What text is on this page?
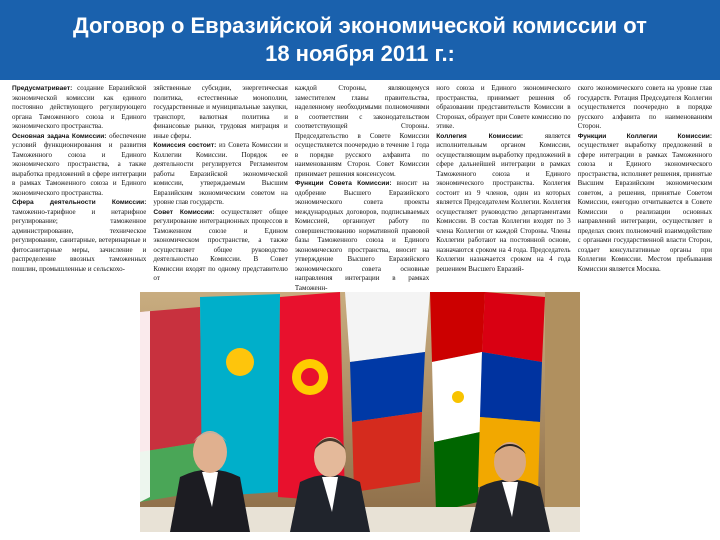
Договор о Евразийской экономической комиссии от
18 ноября 2011 г.:

Предусматривает: создание Евразийской экономической комиссии как единого постоянно действующего регулирующего органа Таможенного союза и Единого экономического пространства.

Основная задача Комиссии: обеспечение условий функционирования и развития Таможенного союза и Единого экономического пространства, а также выработка предложений в сфере интеграции в рамках Таможенного союза и Единого экономического пространства.

Сфера деятельности Комиссии: таможенно-тарифное и нетарифное регулирование; таможенное администрирование, техническое регулирование, санитарные, ветеринарные и фитосанитарные меры, зачисление и распределение ввозных таможенных пошлин, промышленные и сельскохо-

зяйственные субсидии, энергетическая политика, естественные монополии, государственные и муниципальные закупки, транспорт, валютная политика и финансовые рынки, трудовая миграция и иные сферы.

Комиссия состоит: из Совета Комиссии и Коллегии Комиссии. Порядок ее деятельности регулируется Регламентом работы Евразийской экономической комиссии, утверждаемым Высшим Евразийским экономическим советом на уровне глав государств.

Совет Комиссии: осуществляет общее регулирование интеграционных процессов в Таможенном союзе и Едином экономическом пространстве, а также осуществляет общее руководство деятельностью Комиссии. В Совет Комиссии входят по одному представителю от

каждой Стороны, являющемуся заместителем главы правительства, наделенному необходимыми полномочиями в соответствии с законодательством соответствующей Стороны. Председательство в Совете Комиссии осуществляется поочередно в течение 1 года в порядке русского алфавита по наименованиям Сторон. Совет Комиссии принимает решения консенсусом.

Функции Совета Комиссии: вносит на одобрение Высшего Евразийского экономического совета проекты международных договоров, подписываемых Комиссией, организует работу по совершенствованию нормативной правовой базы Таможенного союза и Единого экономического пространства, вносит на утверждение Высшего Евразийского экономического совета основные направления интеграции в рамках Таможенн-

ного союза и Единого экономического пространства, принимает решения об образовании представительств Комиссии в Сторонах, образует при Совете комиссию по этике.

Коллегия Комиссии:	является исполнительным органом Комиссии, осуществляющим выработку предложений в сфере дальнейшей интеграции в рамках Таможенного союза и Единого экономического пространства. Коллегия состоит из 9 членов, один из которых является Председателем Коллегии. Коллегия осуществляет руководство департаментами Комиссии. В состав Коллегии входят по 3 члена Коллегии от каждой Стороны. Члены Коллегии работают на постоянной основе, назначаются сроком на 4 года. Председатель Коллегии назначается сроком на 4 года решением Высшего Евразий-

ского экономического совета на уровне глав государств. Ротация Председателя Коллегии осуществляется поочередно в порядке русского алфавита по наименованиям Сторон.

Функции Коллегии Комиссии: осуществляет выработку предложений в сфере интеграции в рамках Таможенного союза и Единого экономического пространства, исполняет решения, принятые Высшим Евразийским экономическим советом, а решения, принятые Советом Комиссии, ежегодно отчитывается в Совете Комиссии о реализации основных направлений интеграции, осуществляет в пределах своих полномочий взаимодействие с органами государственной власти Сторон, создает консультативные органы при Коллегии Комиссии. Местом пребывания Комиссии является Москва.
